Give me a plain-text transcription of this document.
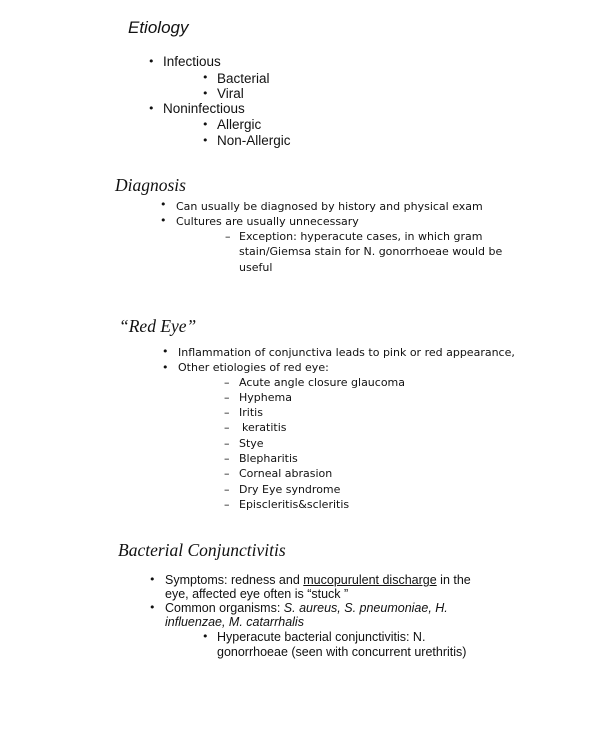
Etiology
• Infectious
• Bacterial
• Viral
• Noninfectious
• Allergic
• Non-Allergic
Diagnosis
• Can usually be diagnosed by history and physical exam
• Cultures are usually unnecessary
– Exception: hyperacute cases, in which gram
stain/Giemsa stain for N. gonorrhoeae would be
useful
“Red Eye”
• Inflammation of conjunctiva leads to pink or red appearance,
• Other etiologies of red eye:
– Acute angle closure glaucoma
– Hyphema
– Iritis
– keratitis
– Stye
– Blepharitis
– Corneal abrasion
– Dry Eye syndrome
– Episcleritis&scleritis
Bacterial Conjunctivitis
• Symptoms: redness and mucopurulent discharge in the
eye, affected eye often is “stuck ”
• Common organisms: S. aureus, S. pneumoniae, H.
influenzae, M. catarrhalis
• Hyperacute bacterial conjunctivitis: N.
gonorrhoeae (seen with concurrent urethritis)
